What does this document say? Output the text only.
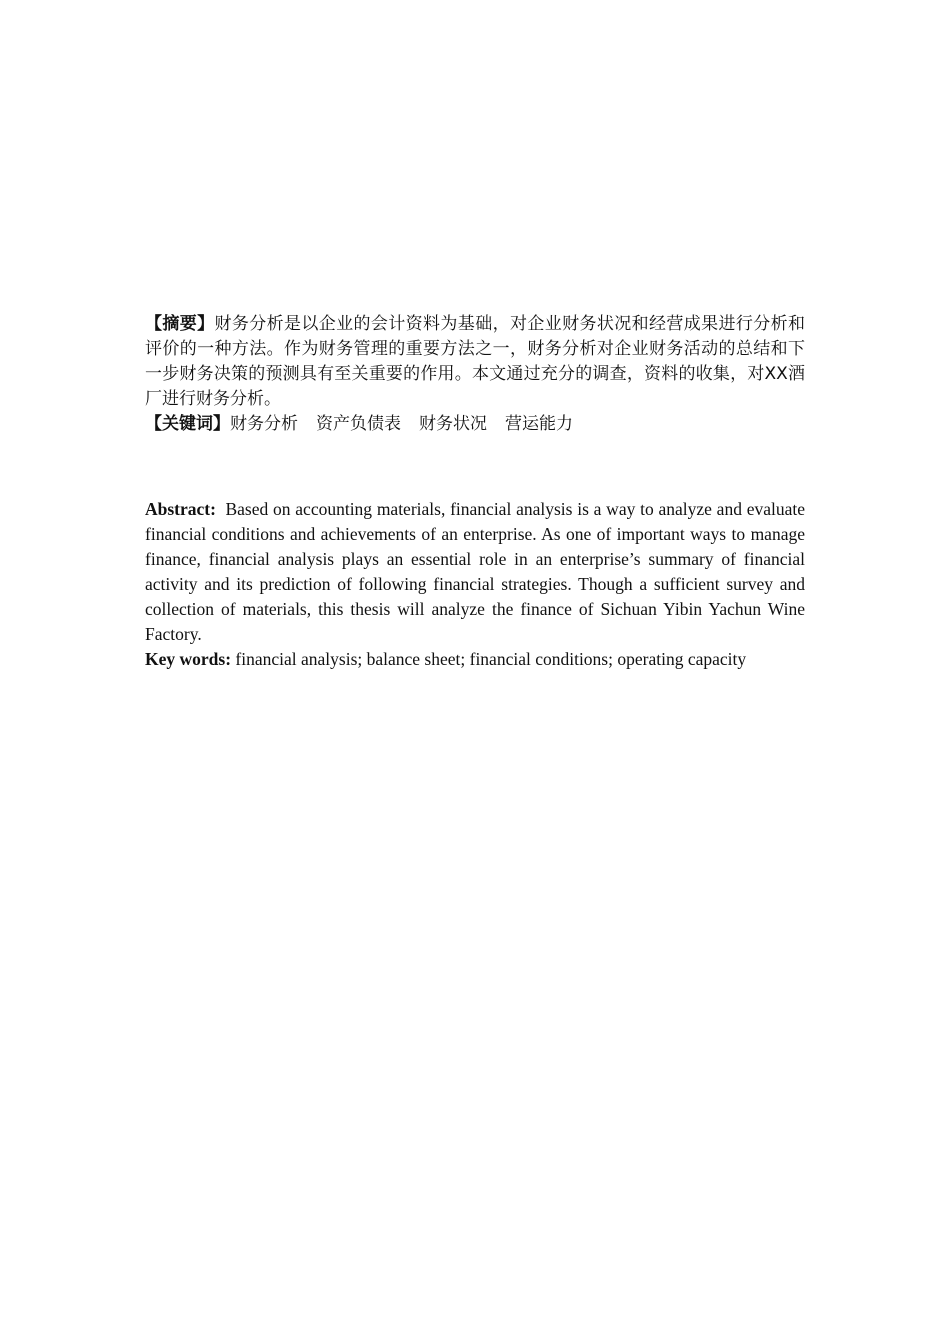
【摘要】财务分析是以企业的会计资料为基础，对企业财务状况和经营成果进行分析和评价的一种方法。作为财务管理的重要方法之一，财务分析对企业财务活动的总结和下一步财务决策的预测具有至关重要的作用。本文通过充分的调查，资料的收集，对XX酒厂进行财务分析。

【关键词】财务分析 资产负债表 财务状况 营运能力

Abstract: Based on accounting materials, financial analysis is a way to analyze and evaluate financial conditions and achievements of an enterprise. As one of important ways to manage finance, financial analysis plays an essential role in an enterprise’s summary of financial activity and its prediction of following financial strategies. Though a sufficient survey and collection of materials, this thesis will analyze the finance of Sichuan Yibin Yachun Wine Factory.

Key words: financial analysis; balance sheet; financial conditions; operating capacity
